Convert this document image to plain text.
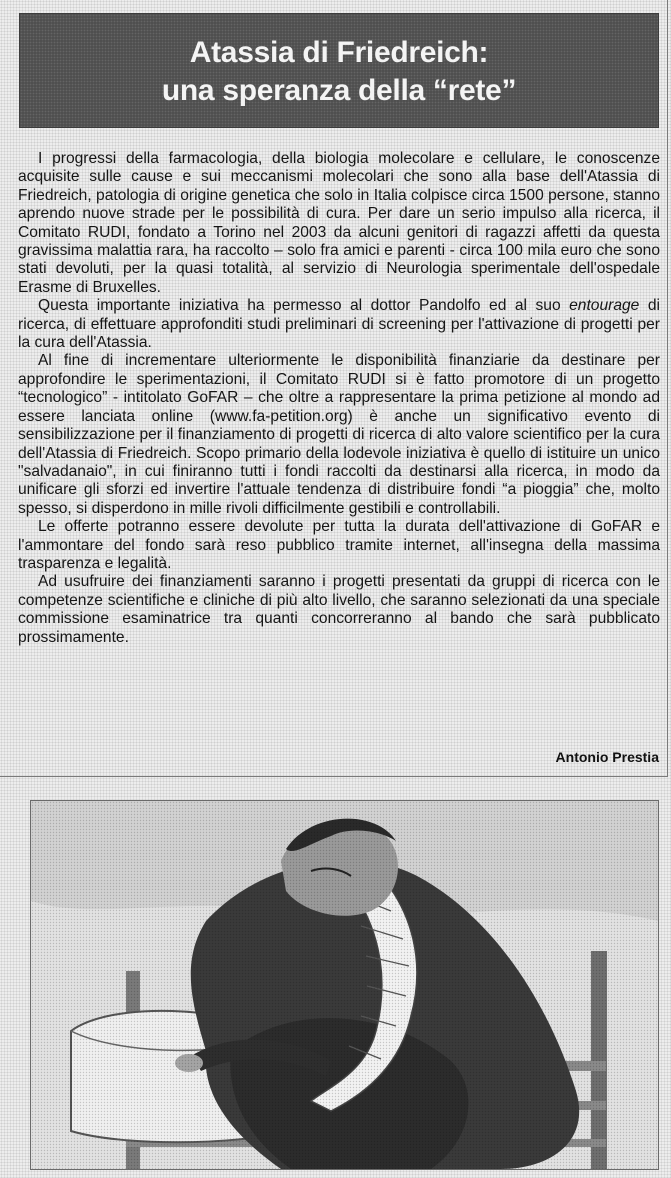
Atassia di Friedreich:
una speranza della “rete”

I progressi della farmacologia, della biologia molecolare e cellulare, le conoscenze acquisite sulle cause e sui meccanismi molecolari che sono alla base dell'Atassia di Friedreich, patologia di origine genetica che solo in Italia colpisce circa 1500 persone, stanno aprendo nuove strade per le possibilità di cura. Per dare un serio impulso alla ricerca, il Comitato RUDI, fondato a Torino nel 2003 da alcuni genitori di ragazzi affetti da questa gravissima malattia rara, ha raccolto – solo fra amici e parenti - circa 100 mila euro che sono stati devoluti, per la quasi totalità, al servizio di Neurologia sperimentale dell'ospedale Erasme di Bruxelles.

Questa importante iniziativa ha permesso al dottor Pandolfo ed al suo entourage di ricerca, di effettuare approfonditi studi preliminari di screening per l'attivazione di progetti per la cura dell'Atassia.

Al fine di incrementare ulteriormente le disponibilità finanziarie da destinare per approfondire le sperimentazioni, il Comitato RUDI si è fatto promotore di un progetto “tecnologico” - intitolato GoFAR – che oltre a rappresentare la prima petizione al mondo ad essere lanciata online (www.fa-petition.org) è anche un significativo evento di sensibilizzazione per il finanziamento di progetti di ricerca di alto valore scientifico per la cura dell'Atassia di Friedreich. Scopo primario della lodevole iniziativa è quello di istituire un unico "salvadanaio", in cui finiranno tutti i fondi raccolti da destinarsi alla ricerca, in modo da unificare gli sforzi ed invertire l'attuale tendenza di distribuire fondi “a pioggia” che, molto spesso, si disperdono in mille rivoli difficilmente gestibili e controllabili.

Le offerte potranno essere devolute per tutta la durata dell'attivazione di GoFAR e l'ammontare del fondo sarà reso pubblico tramite internet, all'insegna della massima trasparenza e legalità.

Ad usufruire dei finanziamenti saranno i progetti presentati da gruppi di ricerca con le competenze scientifiche e cliniche di più alto livello, che saranno selezionati da una speciale commissione esaminatrice tra quanti concorreranno al bando che sarà pubblicato prossimamente.

Antonio Prestia
